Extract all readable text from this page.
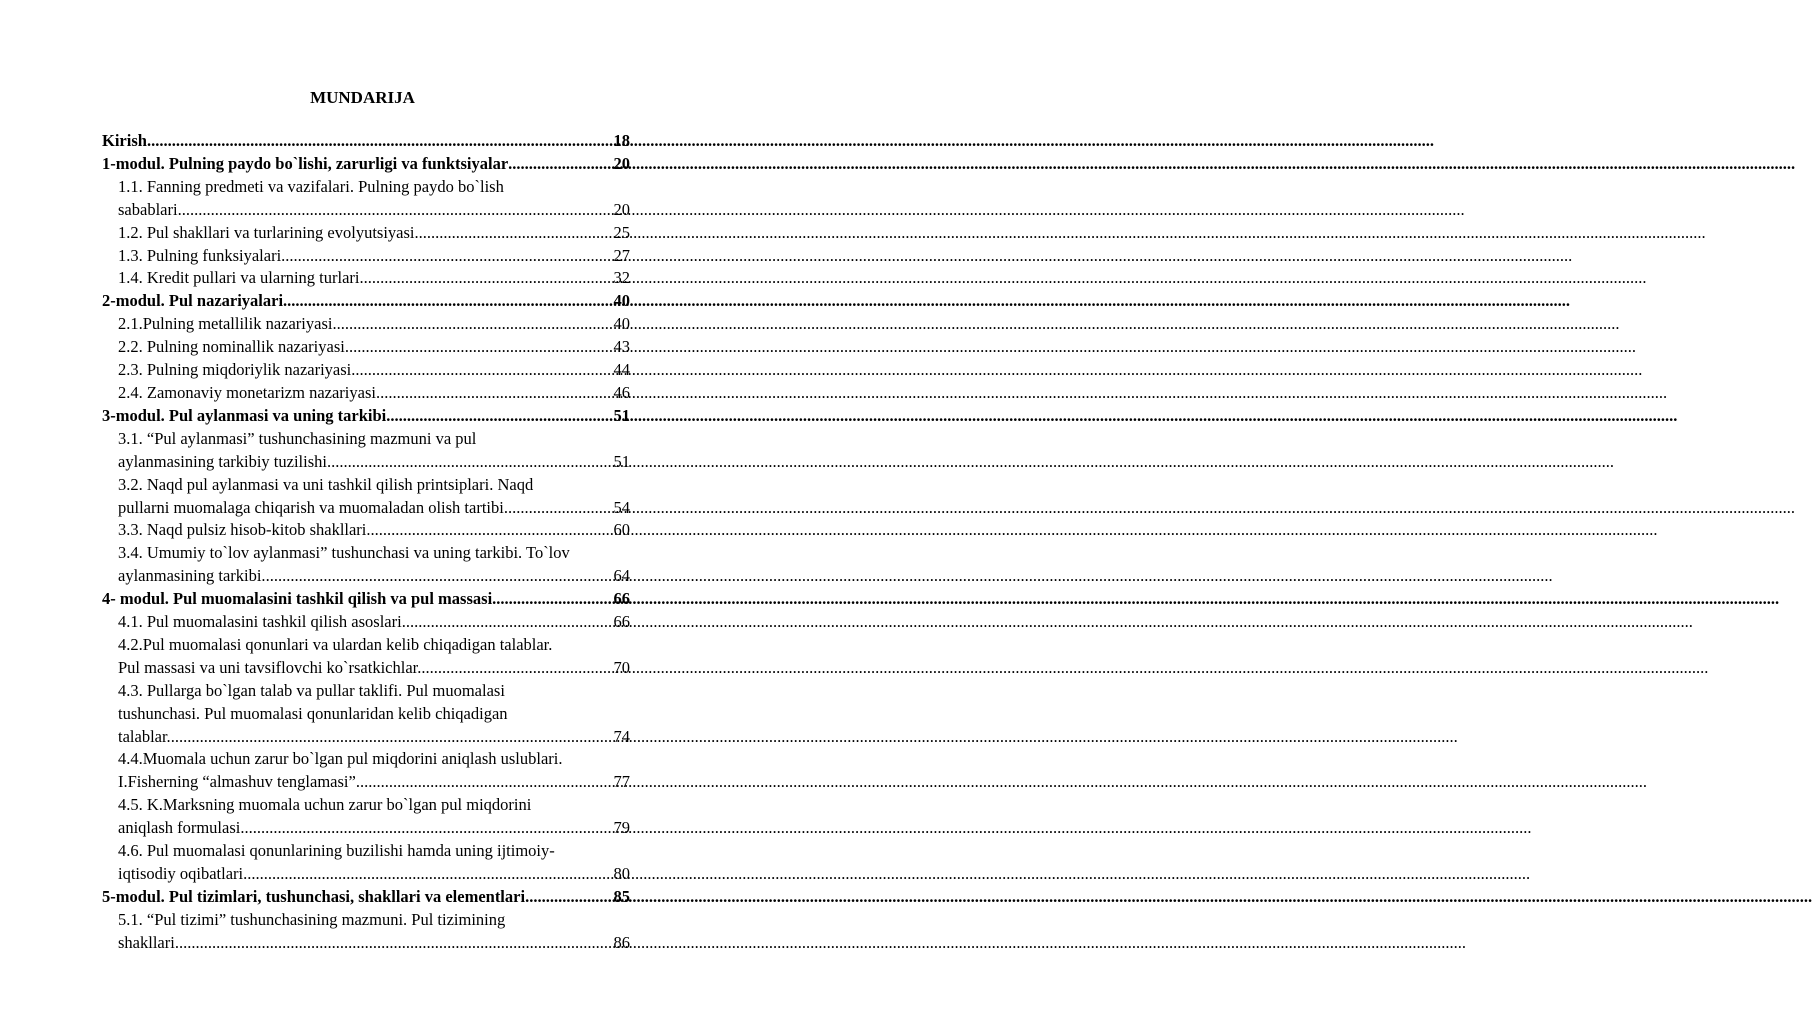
MUNDARIJA
Kirish .....	18
1-modul. Pulning paydo bo`lishi, zarurligi va funktsiyalar .....	20
1.1. Fanning predmeti va vazifalari. Pulning paydo bo`lish
sabablari .....	20
1.2. Pul shakllari va turlarining evolyutsiyasi. .....	25
1.3. Pulning funksiyalari. .....	27
1.4. Kredit pullari va ularning turlari .....	32
2-modul. Pul nazariyalari .....	40
2.1.Pulning metallilik nazariyasi .....	40
2.2. Pulning nominallik nazariyasi. .....	43
2.3. Pulning miqdoriylik nazariyasi. .....	44
2.4. Zamonaviy monetarizm nazariyasi. .....	46
3-modul. Pul aylanmasi va uning tarkibi. .....	51
3.1. “Pul aylanmasi” tushunchasining mazmuni va pul
aylanmasining tarkibiy tuzilishi .....	51
3.2. Naqd pul aylanmasi va uni tashkil qilish printsiplari. Naqd
pullarni muomalaga chiqarish va muomaladan olish tartibi. .....	54
3.3. Naqd pulsiz hisob-kitob shakllari. .....	60
3.4. Umumiy to`lov aylanmasi” tushunchasi va uning tarkibi. To`lov
aylanmasining tarkibi. .....	64
4- modul. Pul muomalasini tashkil qilish va pul massasi .....	66
4.1. Pul muomalasini tashkil qilish asoslari. .....	66
4.2.Pul muomalasi qonunlari va ulardan kelib chiqadigan talablar.
Pul massasi va uni tavsiflovchi ko`rsatkichlar. .....	70
4.3. Pullarga bo`lgan talab va pullar taklifi. Pul muomalasi
tushunchasi. Pul muomalasi qonunlaridan kelib chiqadigan
talablar. .....	74
4.4.Muomala uchun zarur bo`lgan pul miqdorini aniqlash uslublari.
I.Fisherning “almashuv tenglamasi”. .....	77
4.5. K.Marksning muomala uchun zarur bo`lgan pul miqdorini
aniqlash formulasi. .....	79
4.6. Pul muomalasi qonunlarining buzilishi hamda uning ijtimoiy-
iqtisodiy oqibatlari .....	80
5-modul. Pul tizimlari, tushunchasi, shakllari va elementlari .....	85
5.1. “Pul tizimi” tushunchasining mazmuni. Pul tizimining
shakllari. .....	86
